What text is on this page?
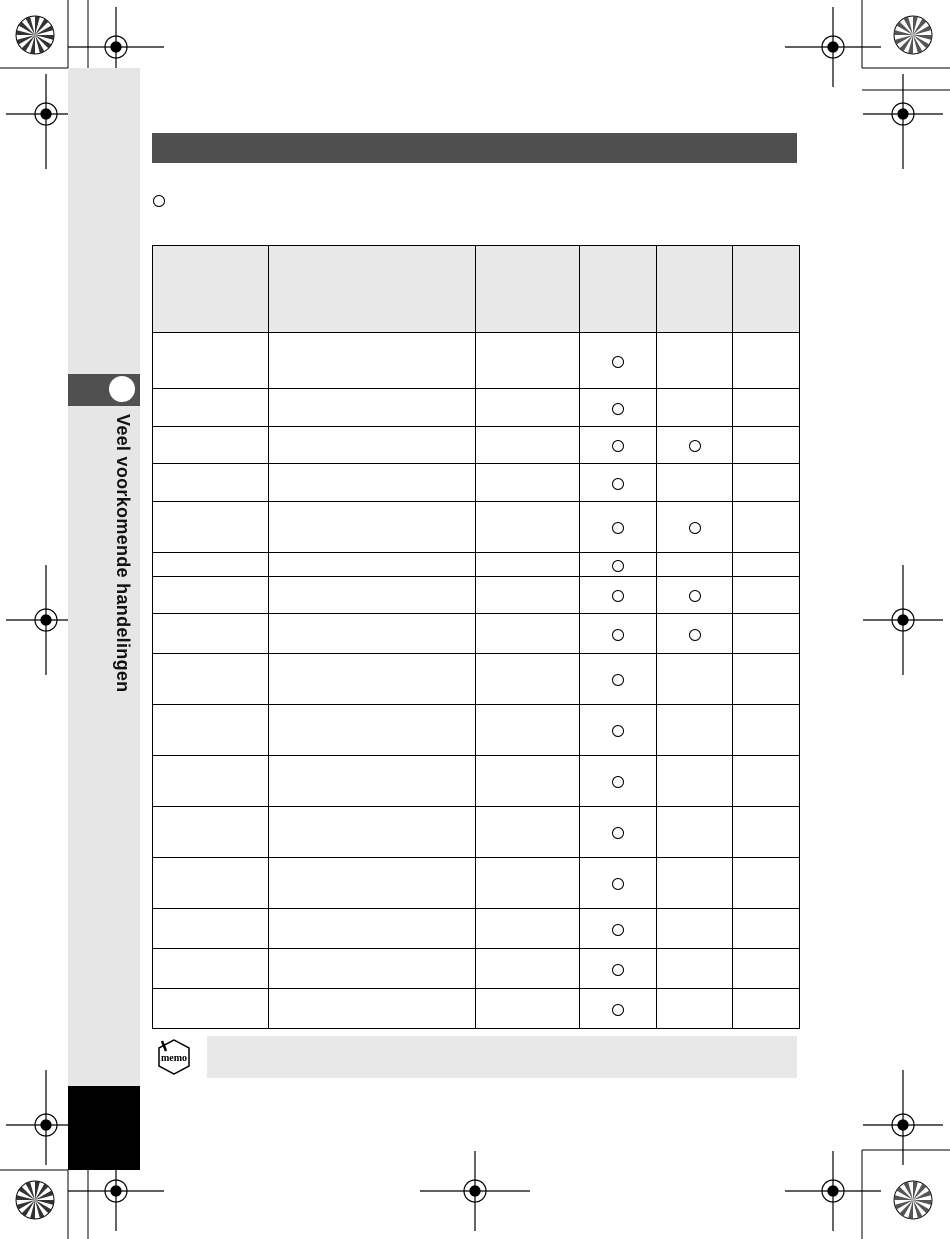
Veel voorkomende handelingen

memo
